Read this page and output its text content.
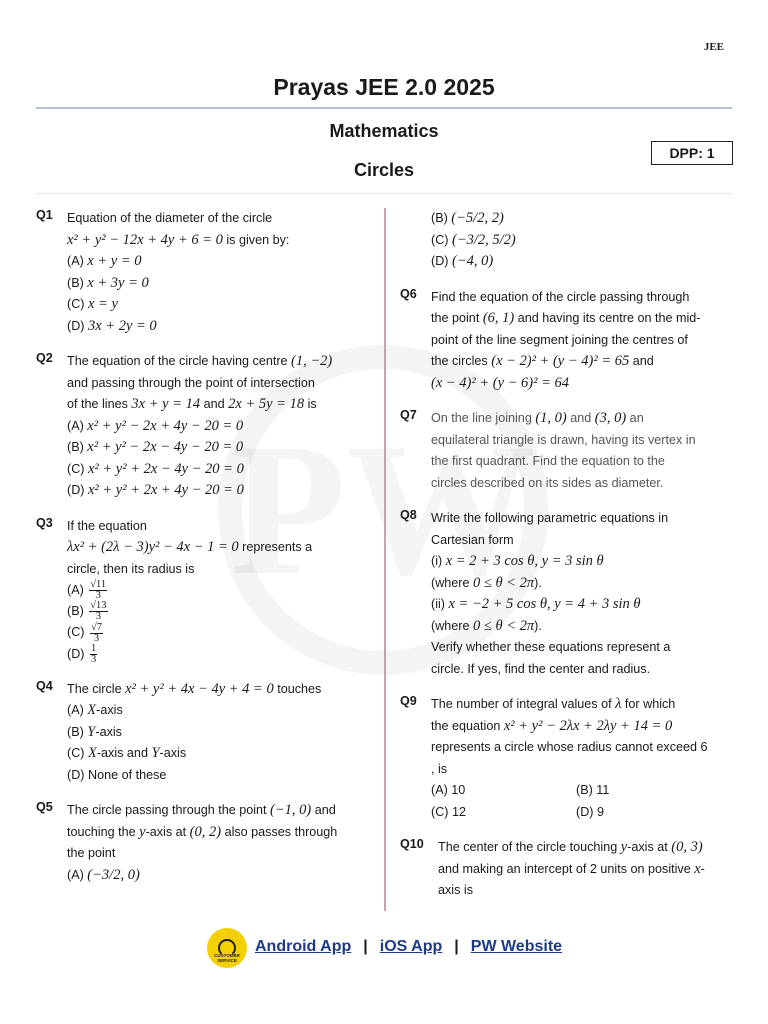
JEE
Prayas JEE 2.0 2025
Mathematics
Circles
DPP: 1
Q1	Equation of the diameter of the circle
x² + y² − 12x + 4y + 6 = 0 is given by:
(A) x + y = 0
(B) x + 3y = 0
(C) x = y
(D) 3x + 2y = 0
Q2	The equation of the circle having centre (1, −2)
and passing through the point of intersection
of the lines 3x + y = 14 and 2x + 5y = 18 is
(A) x² + y² − 2x + 4y − 20 = 0
(B) x² + y² − 2x − 4y − 20 = 0
(C) x² + y² + 2x − 4y − 20 = 0
(D) x² + y² + 2x + 4y − 20 = 0
Q3	If the equation
λx² + (2λ − 3)y² − 4x − 1 = 0 represents a
circle, then its radius is
$(A) \frac{√11}{3}$
$(B) \frac{√13}{3}$
$(C) \frac{√7}{3}$
$(D) \frac{1}{3}$
Q4	The circle x² + y² + 4x − 4y + 4 = 0 touches
(A) X-axis
(B) Y-axis
(C) X-axis and Y-axis
(D) None of these
Q5	The circle passing through the point (−1, 0) and
touching the y-axis at (0, 2) also passes through
the point
(A) (−3/2, 0)
(B) (−5/2, 2)
(C) (−3/2, 5/2)
(D) (−4, 0)
Q6	Find the equation of the circle passing through
the point (6, 1) and having its centre on the mid-
point of the line segment joining the centres of
the circles (x − 2)² + (y − 4)² = 65 and
(x − 4)² + (y − 6)² = 64
Q7	On the line joining (1, 0) and (3, 0) an
equilateral triangle is drawn, having its vertex in
the first quadrant. Find the equation to the
circles described on its sides as diameter.
Q8	Write the following parametric equations in
Cartesian form
(i) x = 2 + 3 cos θ, y = 3 sin θ
(where 0 ≤ θ < 2π).
(ii) x = −2 + 5 cos θ, y = 4 + 3 sin θ
(where 0 ≤ θ < 2π).
Verify whether these equations represent a
circle. If yes, find the center and radius.
Q9	The number of integral values of λ for which
the equation x² + y² − 2λx + 2λy + 14 = 0
represents a circle whose radius cannot exceed 6
, is
(A) 10	(B) 11
(C) 12	(D) 9
Q10	The center of the circle touching y-axis at (0, 3)
and making an intercept of 2 units on positive x-
axis is
CUSTOMER SERVICE
Android App | iOS App | PW Website
